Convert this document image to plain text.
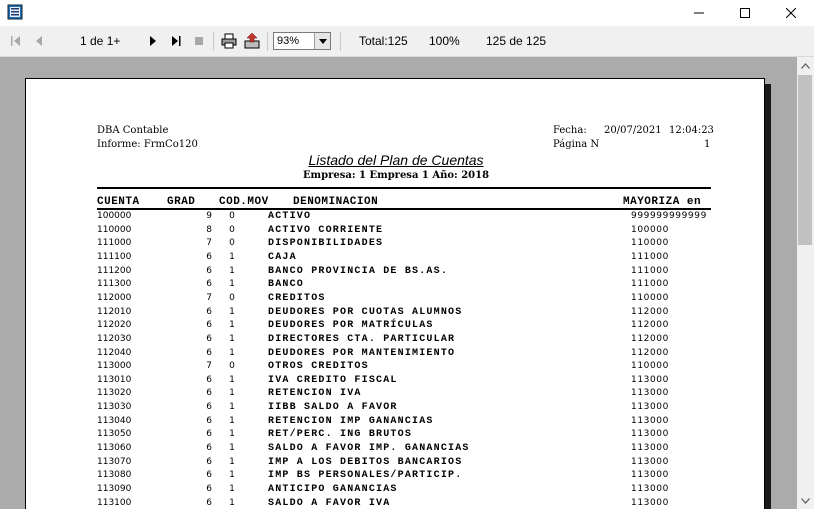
1 de 1+	Total:125 100% 125 de 125
93%
DBA Contable
Informe: FrmCo120
Fecha: 20/07/2021 12:04:23
Página N	1
Listado del Plan de Cuentas
Empresa: 1 Empresa 1 Año: 2018
CUENTA GRAD COD.MOV DENOMINACION	MAYORIZA en
100000	9	0	ACTIVO	999999999999
110000	8	0	ACTIVO CORRIENTE	100000
111000	7	0	DISPONIBILIDADES	110000
111100	6	1	CAJA	111000
111200	6	1	BANCO PROVINCIA DE BS.AS.	111000
111300	6	1	BANCO	111000
112000	7	0	CREDITOS	110000
112010	6	1	DEUDORES POR CUOTAS ALUMNOS	112000
112020	6	1	DEUDORES POR MATRÍCULAS	112000
112030	6	1	DIRECTORES CTA. PARTICULAR	112000
112040	6	1	DEUDORES POR MANTENIMIENTO	112000
113000	7	0	OTROS CREDITOS	110000
113010	6	1	IVA CREDITO FISCAL	113000
113020	6	1	RETENCION IVA	113000
113030	6	1	IIBB SALDO A FAVOR	113000
113040	6	1	RETENCION IMP GANANCIAS	113000
113050	6	1	RET/PERC. ING BRUTOS	113000
113060	6	1	SALDO A FAVOR IMP. GANANCIAS	113000
113070	6	1	IMP A LOS DEBITOS BANCARIOS	113000
113080	6	1	IMP BS PERSONALES/PARTICIP.	113000
113090	6	1	ANTICIPO GANANCIAS	113000
113100	6	1	SALDO A FAVOR IVA	113000
